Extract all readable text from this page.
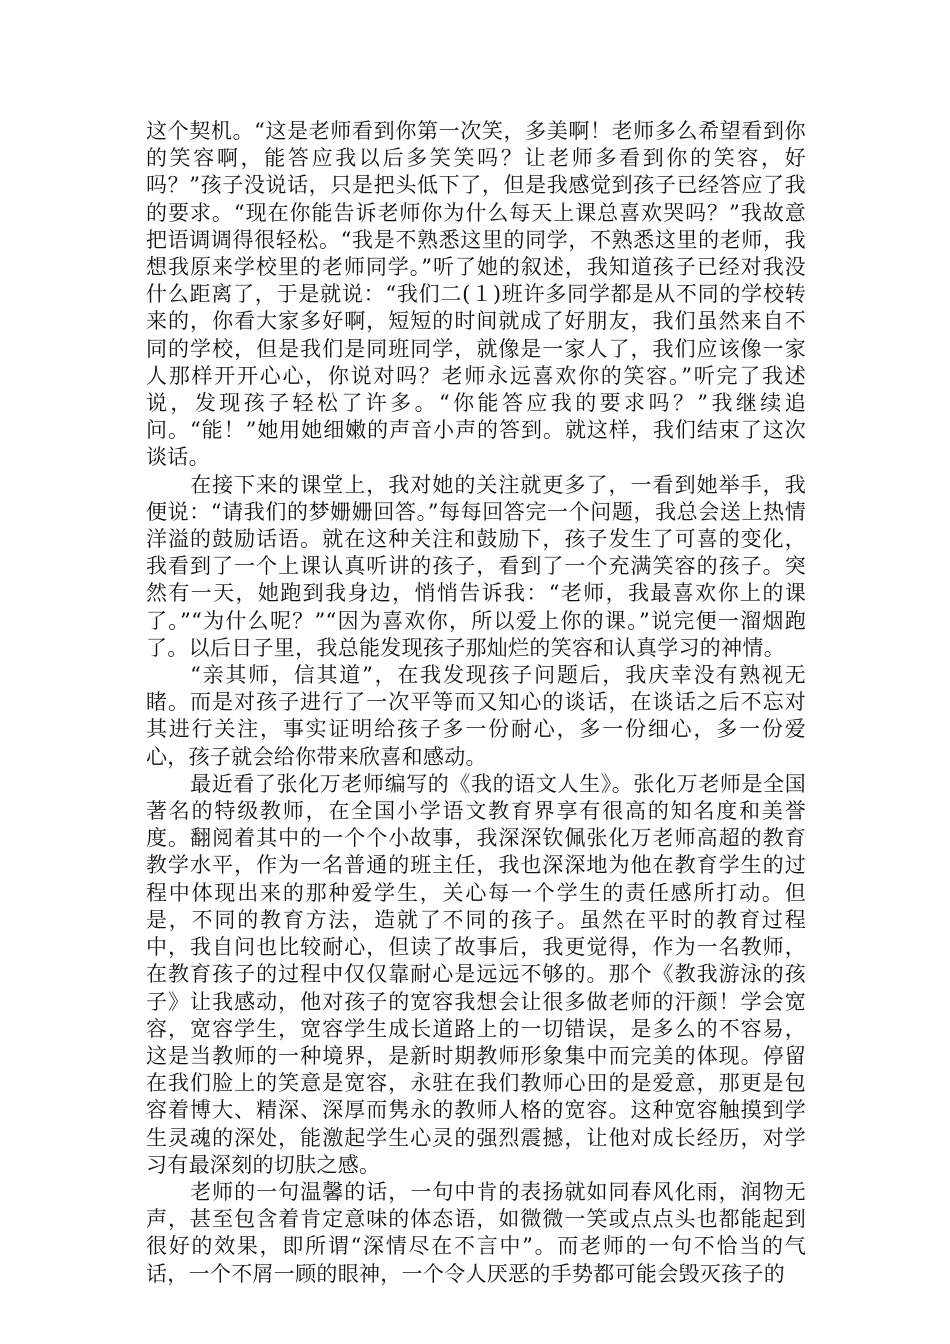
这个契机。“这是老师看到你第一次笑，多美啊！老师多么希望看到你的笑容啊，能答应我以后多笑笑吗？让老师多看到你的笑容，好吗？”孩子没说话，只是把头低下了，但是我感觉到孩子已经答应了我的要求。“现在你能告诉老师你为什么每天上课总喜欢哭吗？”我故意把语调调得很轻松。“我是不熟悉这里的同学，不熟悉这里的老师，我想我原来学校里的老师同学。”听了她的叙述，我知道孩子已经对我没什么距离了，于是就说：“我们二(１)班许多同学都是从不同的学校转来的，你看大家多好啊，短短的时间就成了好朋友，我们虽然来自不同的学校，但是我们是同班同学，就像是一家人了，我们应该像一家人那样开开心心，你说对吗？老师永远喜欢你的笑容。”听完了我述说，发现孩子轻松了许多。“你能答应我的要求吗？”我继续追问。“能！”她用她细嫩的声音小声的答到。就这样，我们结束了这次谈话。

在接下来的课堂上，我对她的关注就更多了，一看到她举手，我便说：“请我们的梦姗姗回答。”每每回答完一个问题，我总会送上热情洋溢的鼓励话语。就在这种关注和鼓励下，孩子发生了可喜的变化，我看到了一个上课认真听讲的孩子，看到了一个充满笑容的孩子。突然有一天，她跑到我身边，悄悄告诉我：“老师，我最喜欢你上的课了。”“为什么呢？”“因为喜欢你，所以爱上你的课。”说完便一溜烟跑了。以后日子里，我总能发现孩子那灿烂的笑容和认真学习的神情。

“亲其师，信其道”，在我发现孩子问题后，我庆幸没有熟视无睹。而是对孩子进行了一次平等而又知心的谈话，在谈话之后不忘对其进行关注，事实证明给孩子多一份耐心，多一份细心，多一份爱心，孩子就会给你带来欣喜和感动。

最近看了张化万老师编写的《我的语文人生》。张化万老师是全国著名的特级教师，在全国小学语文教育界享有很高的知名度和美誉度。翻阅着其中的一个个小故事，我深深钦佩张化万老师高超的教育教学水平，作为一名普通的班主任，我也深深地为他在教育学生的过程中体现出来的那种爱学生，关心每一个学生的责任感所打动。但是，不同的教育方法，造就了不同的孩子。虽然在平时的教育过程中，我自问也比较耐心，但读了故事后，我更觉得，作为一名教师，在教育孩子的过程中仅仅靠耐心是远远不够的。那个《教我游泳的孩子》让我感动，他对孩子的宽容我想会让很多做老师的汗颜！学会宽容，宽容学生，宽容学生成长道路上的一切错误，是多么的不容易，这是当教师的一种境界，是新时期教师形象集中而完美的体现。停留在我们脸上的笑意是宽容，永驻在我们教师心田的是爱意，那更是包容着博大、精深、深厚而隽永的教师人格的宽容。这种宽容触摸到学生灵魂的深处，能激起学生心灵的强烈震撼，让他对成长经历，对学习有最深刻的切肤之感。

老师的一句温馨的话，一句中肯的表扬就如同春风化雨，润物无声，甚至包含着肯定意味的体态语，如微微一笑或点点头也都能起到很好的效果，即所谓“深情尽在不言中”。而老师的一句不恰当的气话，一个不屑一顾的眼神，一个令人厌恶的手势都可能会毁灭孩子的
